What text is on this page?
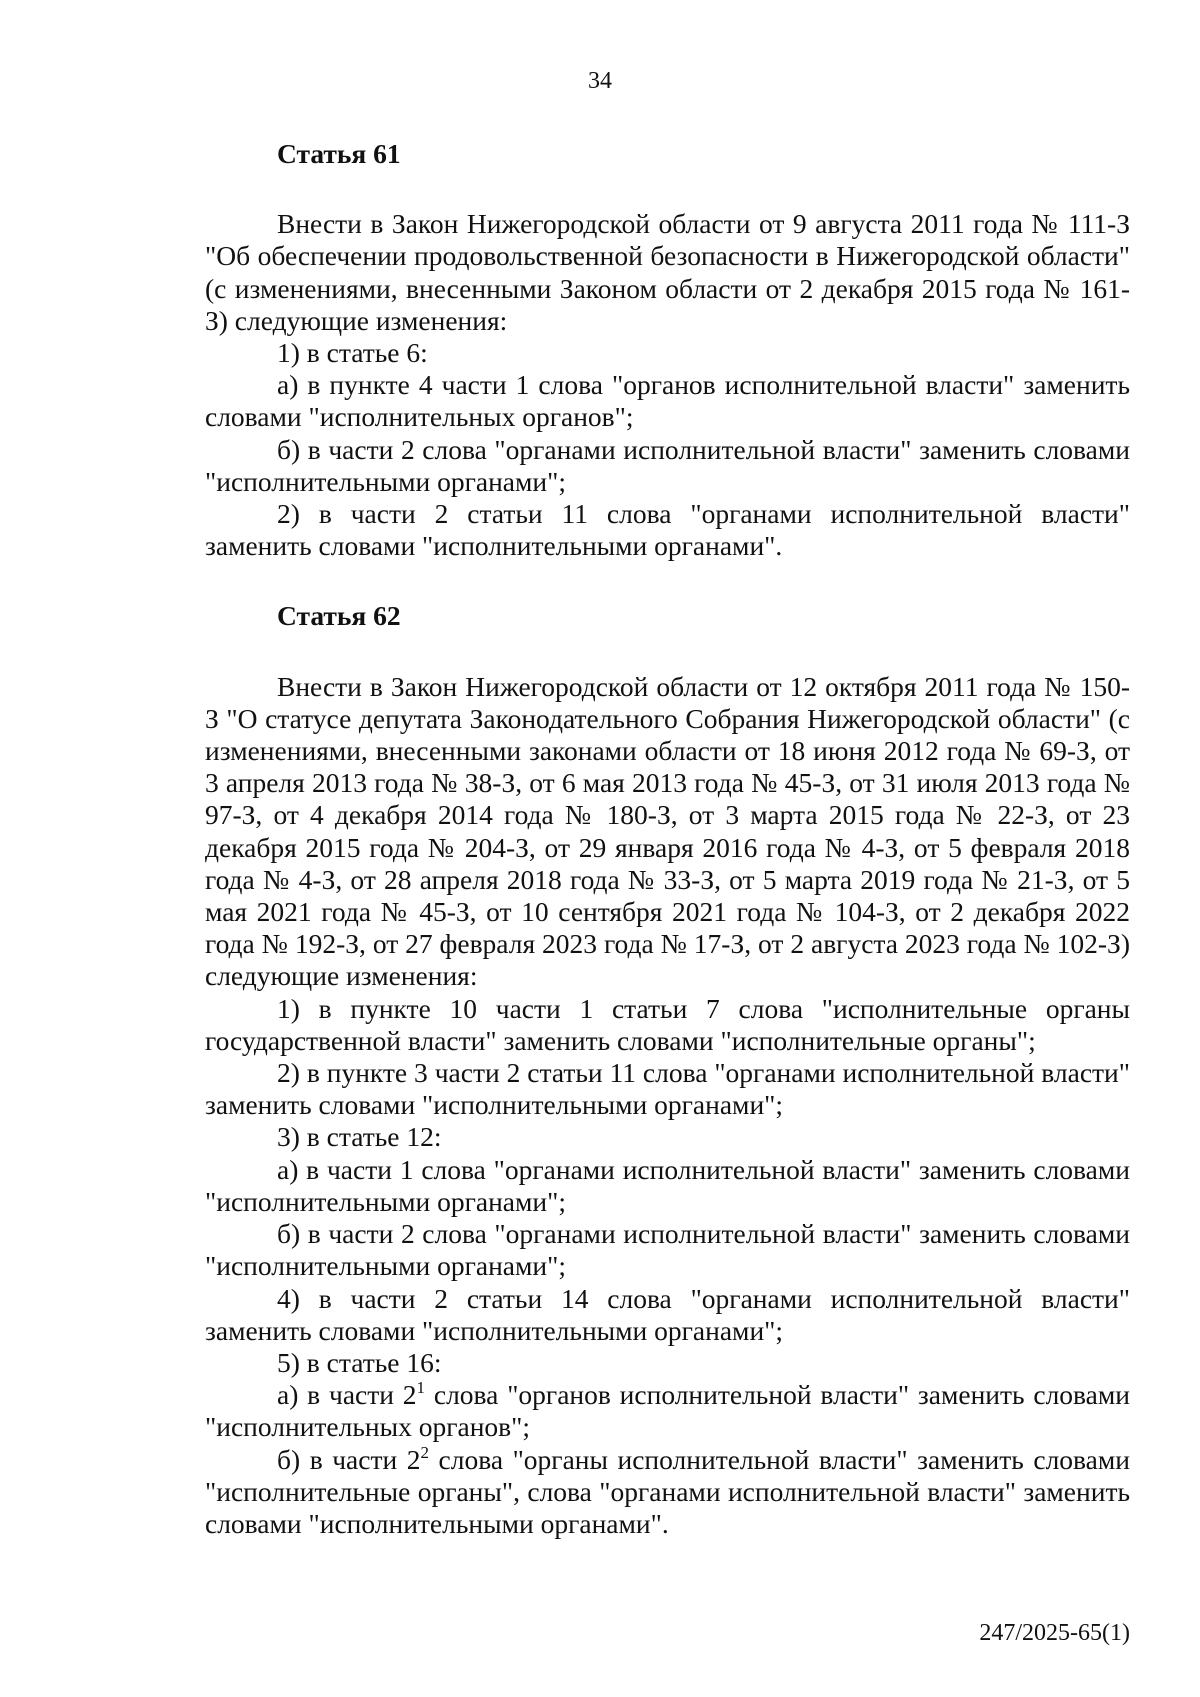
34

Статья 61

Внести в Закон Нижегородской области от 9 августа 2011 года № 111-З "Об обеспечении продовольственной безопасности в Нижегородской области" (с изменениями, внесенными Законом области от 2 декабря 2015 года № 161-З) следующие изменения:

1) в статье 6:

а) в пункте 4 части 1 слова "органов исполнительной власти" заменить словами "исполнительных органов";

б) в части 2 слова "органами исполнительной власти" заменить словами "исполнительными органами";

2) в части 2 статьи 11 слова "органами исполнительной власти" заменить словами "исполнительными органами".

Статья 62

Внести в Закон Нижегородской области от 12 октября 2011 года № 150-З "О статусе депутата Законодательного Собрания Нижегородской области" (с изменениями, внесенными законами области от 18 июня 2012 года № 69-З, от 3 апреля 2013 года № 38-З, от 6 мая 2013 года № 45-З, от 31 июля 2013 года № 97-З, от 4 декабря 2014 года № 180-З, от 3 марта 2015 года № 22-З, от 23 декабря 2015 года № 204-З, от 29 января 2016 года № 4-З, от 5 февраля 2018 года № 4-З, от 28 апреля 2018 года № 33-З, от 5 марта 2019 года № 21-З, от 5 мая 2021 года № 45-З, от 10 сентября 2021 года № 104-З, от 2 декабря 2022 года № 192-З, от 27 февраля 2023 года № 17-З, от 2 августа 2023 года № 102-З) следующие изменения:

1) в пункте 10 части 1 статьи 7 слова "исполнительные органы государственной власти" заменить словами "исполнительные органы";

2) в пункте 3 части 2 статьи 11 слова "органами исполнительной власти" заменить словами "исполнительными органами";

3) в статье 12:

а) в части 1 слова "органами исполнительной власти" заменить словами "исполнительными органами";

б) в части 2 слова "органами исполнительной власти" заменить словами "исполнительными органами";

4) в части 2 статьи 14 слова "органами исполнительной власти" заменить словами "исполнительными органами";

5) в статье 16:

а) в части $2^1$ слова "органов исполнительной власти" заменить словами "исполнительных органов";

б) в части $2^2$ слова "органы исполнительной власти" заменить словами "исполнительные органы", слова "органами исполнительной власти" заменить словами "исполнительными органами".

247/2025-65(1)
